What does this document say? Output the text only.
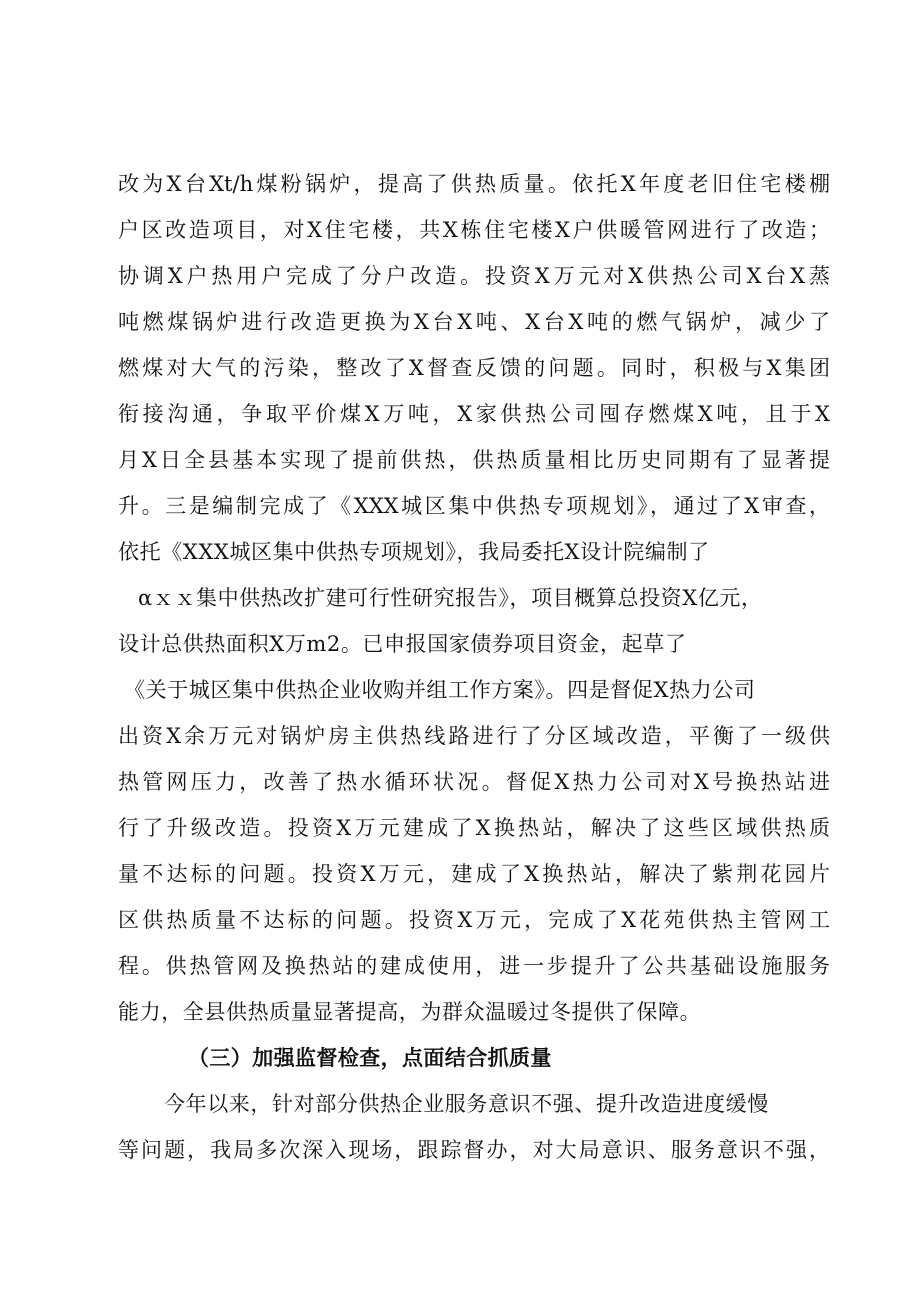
改为X台Xt/h煤粉锅炉，提高了供热质量。依托X年度老旧住宅楼棚
户区改造项目，对X住宅楼，共X栋住宅楼X户供暖管网进行了改造；
协调X户热用户完成了分户改造。投资X万元对X供热公司X台X蒸
吨燃煤锅炉进行改造更换为X台X吨、X台X吨的燃气锅炉，减少了
燃煤对大气的污染，整改了X督查反馈的问题。同时，积极与X集团
衔接沟通，争取平价煤X万吨，X家供热公司囤存燃煤X吨，且于X
月X日全县基本实现了提前供热，供热质量相比历史同期有了显著提
升。三是编制完成了《XXX城区集中供热专项规划》，通过了X审查，
依托《XXX城区集中供热专项规划》，我局委托X设计院编制了
αｘｘ集中供热改扩建可行性研究报告》，项目概算总投资X亿元，
设计总供热面积X万m2。已申报国家债券项目资金，起草了
《关于城区集中供热企业收购并组工作方案》。四是督促X热力公司
出资X余万元对锅炉房主供热线路进行了分区域改造，平衡了一级供
热管网压力，改善了热水循环状况。督促X热力公司对X号换热站进
行了升级改造。投资X万元建成了X换热站，解决了这些区域供热质
量不达标的问题。投资X万元，建成了X换热站，解决了紫荆花园片
区供热质量不达标的问题。投资X万元，完成了X花苑供热主管网工
程。供热管网及换热站的建成使用，进一步提升了公共基础设施服务
能力，全县供热质量显著提高，为群众温暖过冬提供了保障。
（三）加强监督检查，点面结合抓质量
今年以来，针对部分供热企业服务意识不强、提升改造进度缓慢
等问题，我局多次深入现场，跟踪督办，对大局意识、服务意识不强，
